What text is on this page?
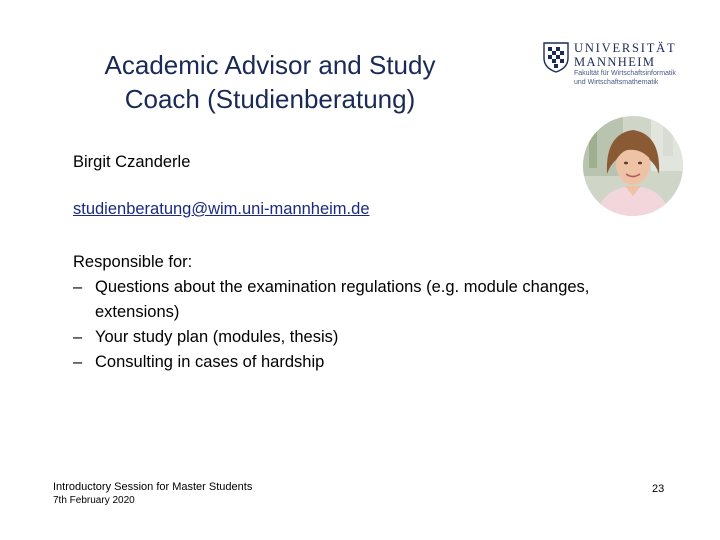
Academic Advisor and Study
Coach (Studienberatung)
UNIVERSITÄT
MANNHEIM
Fakultät für Wirtschaftsinformatik
und Wirtschaftsmathematik
Birgit Czanderle
studienberatung@wim.uni-mannheim.de
Responsible for:
– Questions about the examination regulations (e.g. module changes, extensions)
– Your study plan (modules, thesis)
– Consulting in cases of hardship
Introductory Session for Master Students
7th February 2020
23
